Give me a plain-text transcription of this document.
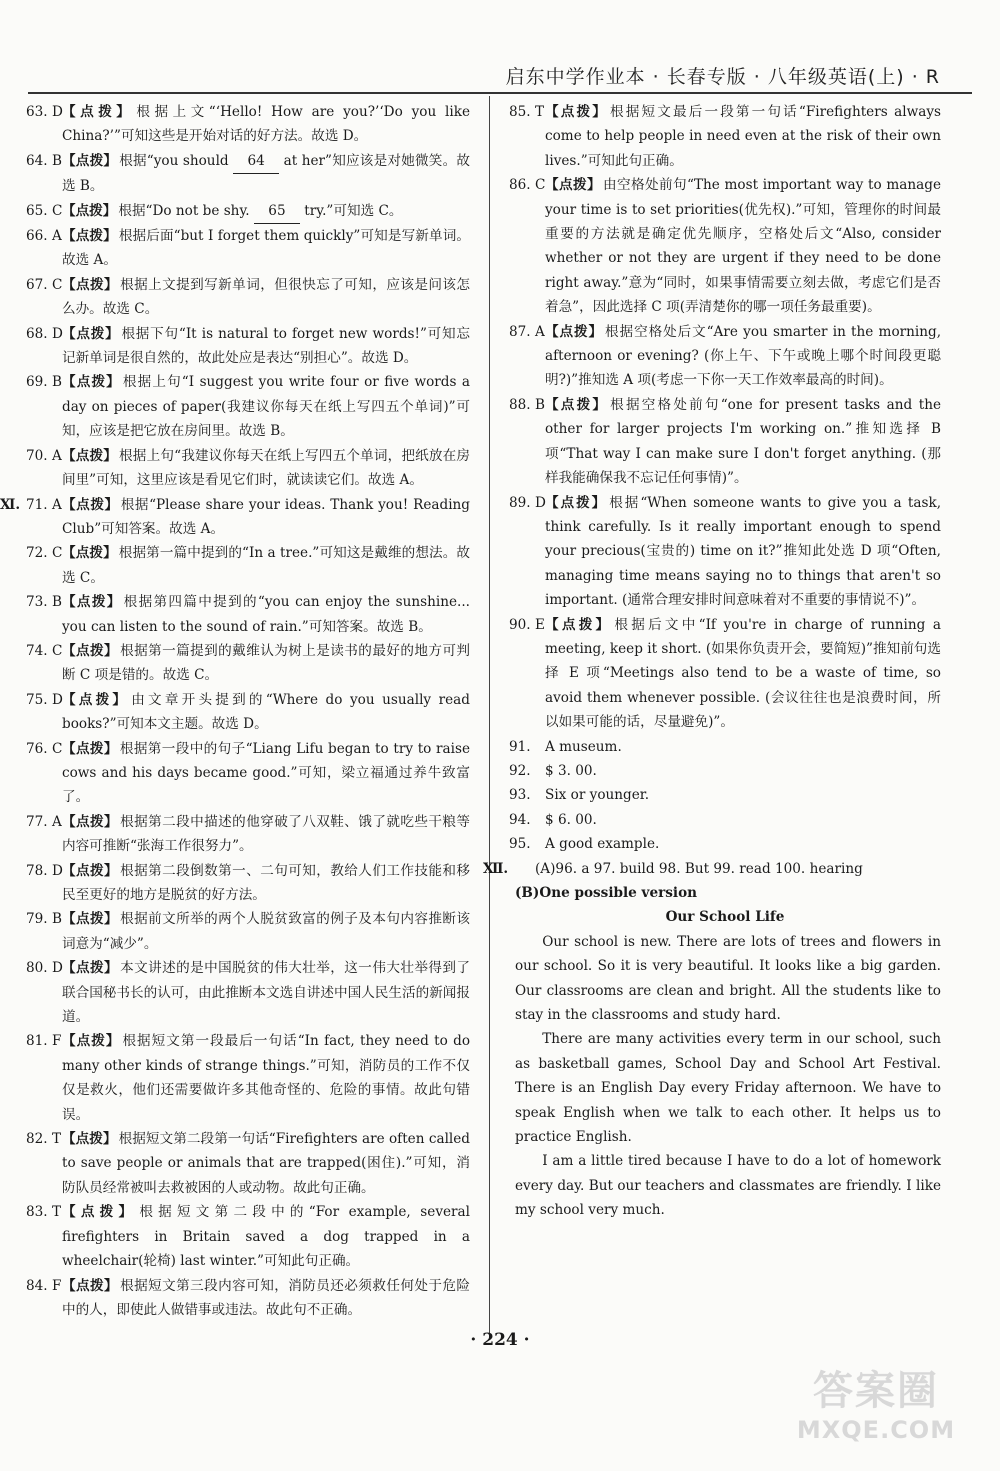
启东中学作业本 · 长春专版 · 八年级英语(上) · R
63. D 【点拨】 根据上文“‘Hello! How are you?’‘Do you like China?’”可知这些是开始对话的好方法。故选 D。
64. B 【点拨】 根据“you should 64 at her”知应该是对她微笑。故选 B。
65. C 【点拨】 根据“Do not be shy. 65 try.”可知选 C。
66. A 【点拨】 根据后面“but I forget them quickly”可知是写新单词。故选 A。
67. C 【点拨】 根据上文提到写新单词，但很快忘了可知，应该是问该怎么办。故选 C。
68. D 【点拨】 根据下句“It is natural to forget new words!”可知忘记新单词是很自然的，故此处应是表达“别担心”。故选 D。
69. B 【点拨】 根据上句“I suggest you write four or five words a day on pieces of paper(我建议你每天在纸上写四五个单词)”可知，应该是把它放在房间里。故选 B。
70. A 【点拨】 根据上句“我建议你每天在纸上写四五个单词，把纸放在房间里”可知，这里应该是看见它们时，就读读它们。故选 A。
Ⅺ. 71. A 【点拨】 根据“Please share your ideas. Thank you! Reading Club”可知答案。故选 A。
72. C 【点拨】 根据第一篇中提到的“In a tree.”可知这是戴维的想法。故选 C。
73. B 【点拨】 根据第四篇中提到的“you can enjoy the sunshine... you can listen to the sound of rain.”可知答案。故选 B。
74. C 【点拨】 根据第一篇提到的戴维认为树上是读书的最好的地方可判断 C 项是错的。故选 C。
75. D 【点拨】 由文章开头提到的“Where do you usually read books?”可知本文主题。故选 D。
76. C 【点拨】 根据第一段中的句子“Liang Lifu began to try to raise cows and his days became good.”可知，梁立福通过养牛致富了。
77. A 【点拨】 根据第二段中描述的他穿破了八双鞋、饿了就吃些干粮等内容可推断“张海工作很努力”。
78. D 【点拨】 根据第二段倒数第一、二句可知，教给人们工作技能和移民至更好的地方是脱贫的好方法。
79. B 【点拨】 根据前文所举的两个人脱贫致富的例子及本句内容推断该词意为“减少”。
80. D 【点拨】 本文讲述的是中国脱贫的伟大壮举，这一伟大壮举得到了联合国秘书长的认可，由此推断本文选自讲述中国人民生活的新闻报道。
81. F 【点拨】 根据短文第一段最后一句话“In fact, they need to do many other kinds of strange things.”可知，消防员的工作不仅仅是救火，他们还需要做许多其他奇怪的、危险的事情。故此句错误。
82. T 【点拨】 根据短文第二段第一句话“Firefighters are often called to save people or animals that are trapped(困住).”可知，消防队员经常被叫去救被困的人或动物。故此句正确。
83. T 【点拨】 根据短文第二段中的“For example, several firefighters in Britain saved a dog trapped in a wheelchair(轮椅) last winter.”可知此句正确。
84. F 【点拨】 根据短文第三段内容可知，消防员还必须救任何处于危险中的人，即使此人做错事或违法。故此句不正确。
85. T 【点拨】 根据短文最后一段第一句话“Firefighters always come to help people in need even at the risk of their own lives.”可知此句正确。
86. C 【点拨】 由空格处前句“The most important way to manage your time is to set priorities(优先权).”可知，管理你的时间最重要的方法就是确定优先顺序，空格处后文“Also, consider whether or not they are urgent if they need to be done right away.”意为“同时，如果事情需要立刻去做，考虑它们是否着急”，因此选择 C 项(弄清楚你的哪一项任务最重要)。
87. A 【点拨】 根据空格处后文“Are you smarter in the morning, afternoon or evening? (你上午、下午或晚上哪个时间段更聪明?)”推知选 A 项(考虑一下你一天工作效率最高的时间)。
88. B 【点拨】 根据空格处前句“one for present tasks and the other for larger projects I'm working on.”推知选择 B 项“That way I can make sure I don't forget anything. (那样我能确保我不忘记任何事情)”。
89. D 【点拨】 根据“When someone wants to give you a task, think carefully. Is it really important enough to spend your precious(宝贵的) time on it?”推知此处选 D 项“Often, managing time means saying no to things that aren't so important. (通常合理安排时间意味着对不重要的事情说不)”。
90. E 【点拨】 根据后文中“If you're in charge of running a meeting, keep it short. (如果你负责开会，要简短)”推知前句选择 E 项“Meetings also tend to be a waste of time, so avoid them whenever possible. (会议往往也是浪费时间，所以如果可能的话，尽量避免)”。
91. A museum.
92. $ 3. 00.
93. Six or younger.
94. $ 6. 00.
95. A good example.
Ⅻ. (A)96. a 97. build 98. But 99. read 100. hearing
(B)One possible version
Our School Life
Our school is new. There are lots of trees and flowers in our school. So it is very beautiful. It looks like a big garden. Our classrooms are clean and bright. All the students like to stay in the classrooms and study hard.
There are many activities every term in our school, such as basketball games, School Day and School Art Festival. There is an English Day every Friday afternoon. We have to speak English when we talk to each other. It helps us to practice English.
I am a little tired because I have to do a lot of homework every day. But our teachers and classmates are friendly. I like my school very much.
· 224 ·
答案圈
MXQE.COM
